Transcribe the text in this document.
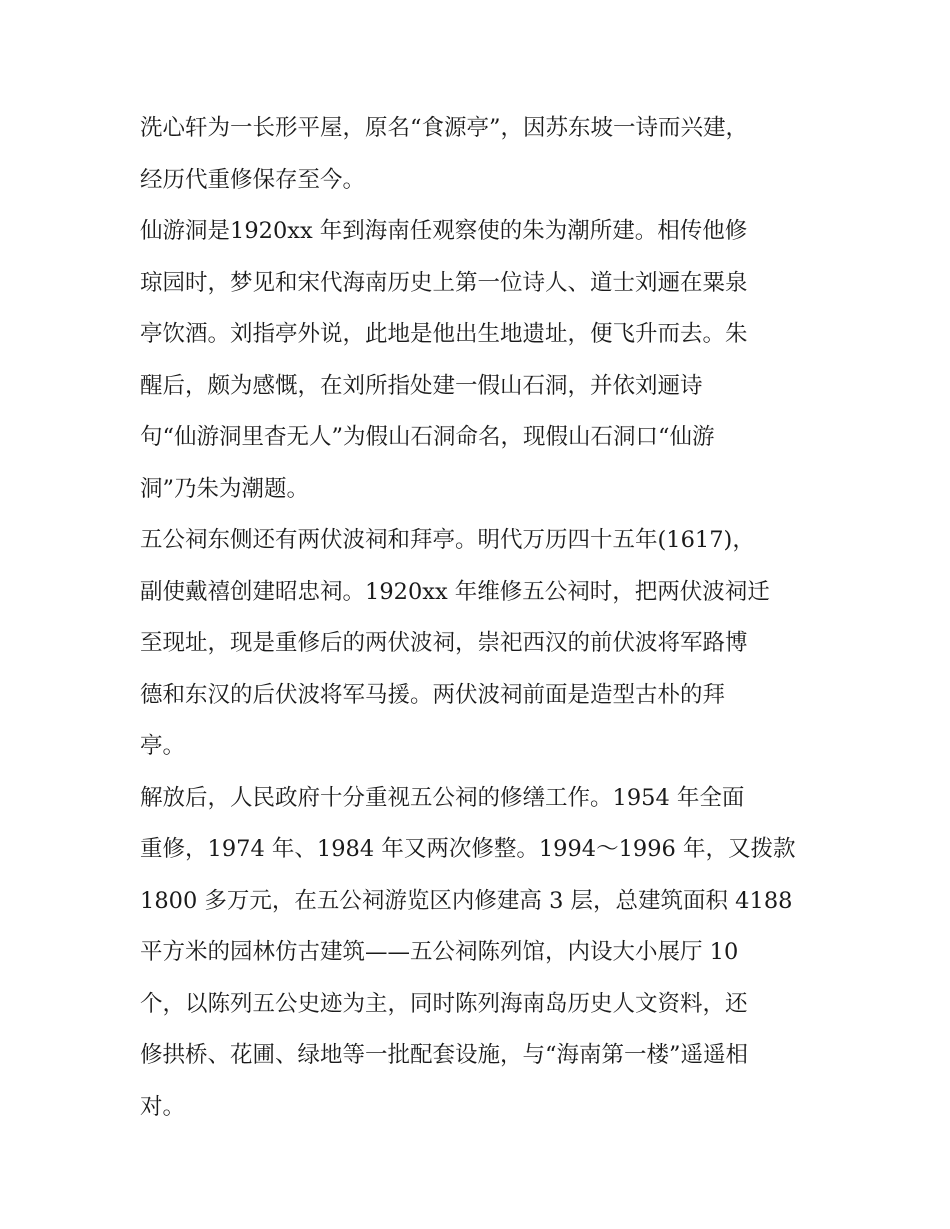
洗心轩为一长形平屋，原名“食源亭”，因苏东坡一诗而兴建，
经历代重修保存至今。
仙游洞是1920xx 年到海南任观察使的朱为潮所建。相传他修
琼园时，梦见和宋代海南历史上第一位诗人、道士刘逦在粟泉
亭饮酒。刘指亭外说，此地是他出生地遗址，便飞升而去。朱
醒后，颇为感慨，在刘所指处建一假山石洞，并依刘逦诗
句“仙游洞里杳无人”为假山石洞命名，现假山石洞口“仙游
洞”乃朱为潮题。
五公祠东侧还有两伏波祠和拜亭。明代万历四十五年(1617)，
副使戴禧创建昭忠祠。1920xx 年维修五公祠时，把两伏波祠迁
至现址，现是重修后的两伏波祠，崇祀西汉的前伏波将军路博
德和东汉的后伏波将军马援。两伏波祠前面是造型古朴的拜
亭。
解放后，人民政府十分重视五公祠的修缮工作。1954 年全面
重修，1974 年、1984 年又两次修整。1994～1996 年，又拨款
1800 多万元，在五公祠游览区内修建高 3 层，总建筑面积 4188
平方米的园林仿古建筑——五公祠陈列馆，内设大小展厅 10
个，以陈列五公史迹为主，同时陈列海南岛历史人文资料，还
修拱桥、花圃、绿地等一批配套设施，与“海南第一楼”遥遥相
对。
